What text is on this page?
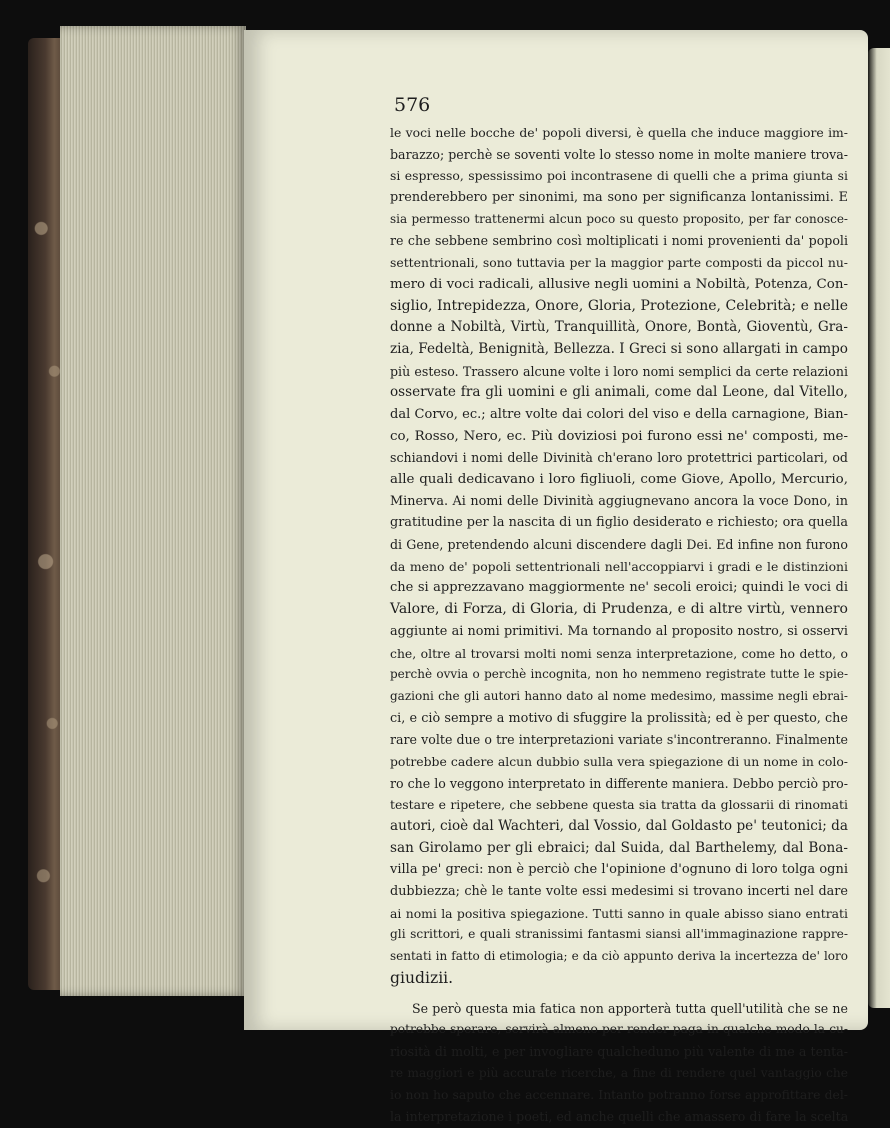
576
le voci nelle bocche de' popoli diversi, è quella che induce maggiore im-
barazzo; perchè se soventi volte lo stesso nome in molte maniere trova-
si espresso, spessissimo poi incontrasene di quelli che a prima giunta si
prenderebbero per sinonimi, ma sono per significanza lontanissimi. E
sia permesso trattenermi alcun poco su questo proposito, per far conosce-
re che sebbene sembrino così moltiplicati i nomi provenienti da' popoli
settentrionali, sono tuttavia per la maggior parte composti da piccol nu-
mero di voci radicali, allusive negli uomini a Nobiltà, Potenza, Con-
siglio, Intrepidezza, Onore, Gloria, Protezione, Celebrità; e nelle
donne a Nobiltà, Virtù, Tranquillità, Onore, Bontà, Gioventù, Gra-
zia, Fedeltà, Benignità, Bellezza. I Greci si sono allargati in campo
più esteso. Trassero alcune volte i loro nomi semplici da certe relazioni
osservate fra gli uomini e gli animali, come dal Leone, dal Vitello,
dal Corvo, ec.; altre volte dai colori del viso e della carnagione, Bian-
co, Rosso, Nero, ec. Più doviziosi poi furono essi ne' composti, me-
schiandovi i nomi delle Divinità ch'erano loro protettrici particolari, od
alle quali dedicavano i loro figliuoli, come Giove, Apollo, Mercurio,
Minerva. Ai nomi delle Divinità aggiugnevano ancora la voce Dono, in
gratitudine per la nascita di un figlio desiderato e richiesto; ora quella
di Gene, pretendendo alcuni discendere dagli Dei. Ed infine non furono
da meno de' popoli settentrionali nell'accoppiarvi i gradi e le distinzioni
che si apprezzavano maggiormente ne' secoli eroici; quindi le voci di
Valore, di Forza, di Gloria, di Prudenza, e di altre virtù, vennero
aggiunte ai nomi primitivi. Ma tornando al proposito nostro, si osservi
che, oltre al trovarsi molti nomi senza interpretazione, come ho detto, o
perchè ovvia o perchè incognita, non ho nemmeno registrate tutte le spie-
gazioni che gli autori hanno dato al nome medesimo, massime negli ebrai-
ci, e ciò sempre a motivo di sfuggire la prolissità; ed è per questo, che
rare volte due o tre interpretazioni variate s'incontreranno. Finalmente
potrebbe cadere alcun dubbio sulla vera spiegazione di un nome in colo-
ro che lo veggono interpretato in differente maniera. Debbo perciò pro-
testare e ripetere, che sebbene questa sia tratta da glossarii di rinomati
autori, cioè dal Wachteri, dal Vossio, dal Goldasto pe' teutonici; da
san Girolamo per gli ebraici; dal Suida, dal Barthelemy, dal Bona-
villa pe' greci: non è perciò che l'opinione d'ognuno di loro tolga ogni
dubbiezza; chè le tante volte essi medesimi si trovano incerti nel dare
ai nomi la positiva spiegazione. Tutti sanno in quale abisso siano entrati
gli scrittori, e quali stranissimi fantasmi siansi all'immaginazione rappre-
sentati in fatto di etimologia; e da ciò appunto deriva la incertezza de' loro
giudizii.
Se però questa mia fatica non apporterà tutta quell'utilità che se ne
potrebbe sperare, servirà almeno per render paga in qualche modo la cu-
riosità di molti, e per invogliare qualcheduno più valente di me a tenta-
re maggiori e più accurate ricerche, a fine di rendere quel vantaggio che
io non ho saputo che accennare. Intanto potranno forse approfittare del-
la interpretazione i poeti, ed anche quelli che amassero di fare la scelta
